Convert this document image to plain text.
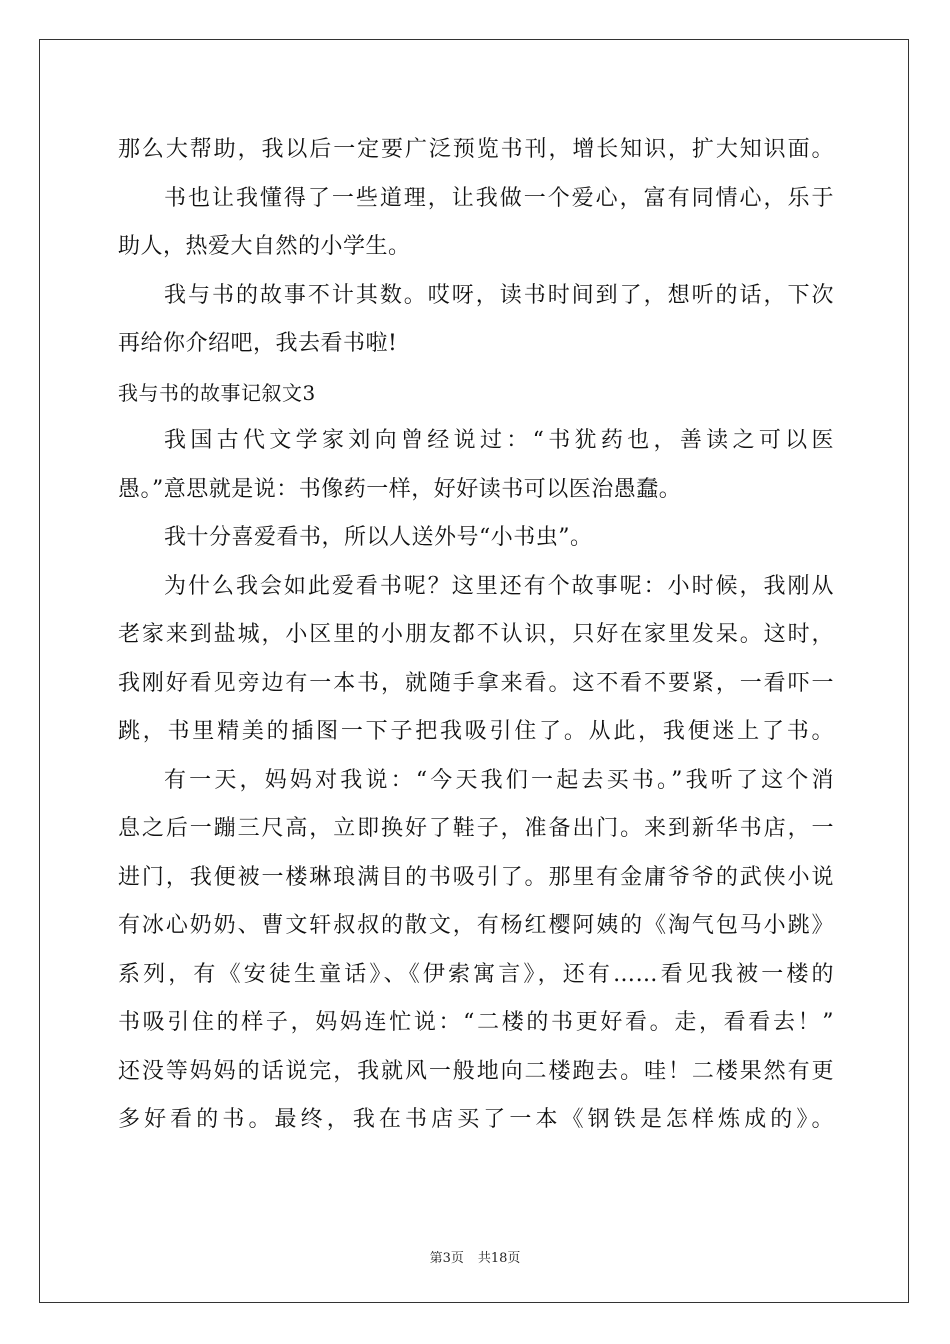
那么大帮助，我以后一定要广泛预览书刊，增长知识，扩大知识面。
书也让我懂得了一些道理，让我做一个爱心，富有同情心，乐于
助人，热爱大自然的小学生。
我与书的故事不计其数。哎呀，读书时间到了，想听的话，下次
再给你介绍吧，我去看书啦!
我与书的故事记叙文3
我国古代文学家刘向曾经说过：“书犹药也，善读之可以医
愚。”意思就是说：书像药一样，好好读书可以医治愚蠢。
我十分喜爱看书，所以人送外号“小书虫”。
为什么我会如此爱看书呢？这里还有个故事呢：小时候，我刚从
老家来到盐城，小区里的小朋友都不认识，只好在家里发呆。这时，
我刚好看见旁边有一本书，就随手拿来看。这不看不要紧，一看吓一
跳，书里精美的插图一下子把我吸引住了。从此，我便迷上了书。
有一天，妈妈对我说：“今天我们一起去买书。”我听了这个消
息之后一蹦三尺高，立即换好了鞋子，准备出门。来到新华书店，一
进门，我便被一楼琳琅满目的书吸引了。那里有金庸爷爷的武侠小说
有冰心奶奶、曹文轩叔叔的散文，有杨红樱阿姨的《淘气包马小跳》
系列，有《安徒生童话》、《伊索寓言》，还有……看见我被一楼的
书吸引住的样子，妈妈连忙说：“二楼的书更好看。走，看看去！”
还没等妈妈的话说完，我就风一般地向二楼跑去。哇！二楼果然有更
多好看的书。最终，我在书店买了一本《钢铁是怎样炼成的》。
第3页 共18页
